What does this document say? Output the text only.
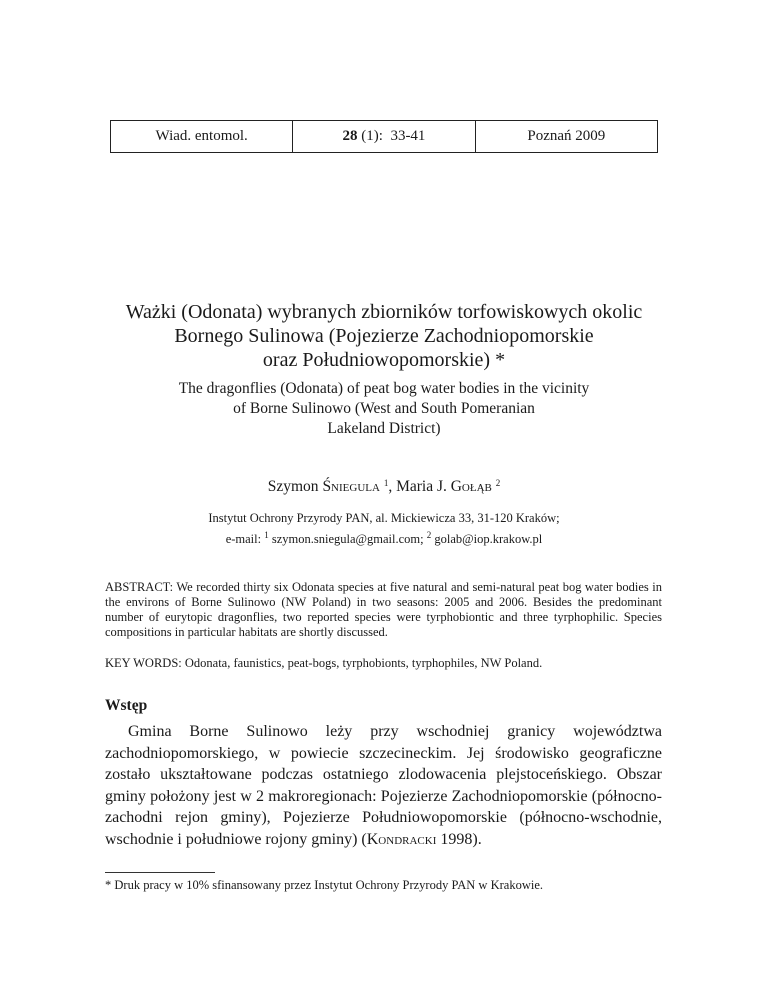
Wiad. entomol.	28 (1):  33-41	Poznań 2009
Ważki (Odonata) wybranych zbiorników torfowiskowych okolic
Bornego Sulinowa (Pojezierze Zachodniopomorskie
oraz Południowopomorskie) *
The dragonflies (Odonata) of peat bog water bodies in the vicinity
of Borne Sulinowo (West and South Pomeranian
Lakeland District)
Szymon Śniegula $^1$, Maria J. Gołąb $^2$
Instytut Ochrony Przyrody PAN, al. Mickiewicza 33, 31-120 Kraków;
e-mail: $^1$ szymon.sniegula@gmail.com; $^2$ golab@iop.krakow.pl
ABSTRACT: We recorded thirty six Odonata species at five natural and semi-natural peat bog water bodies in the environs of Borne Sulinowo (NW Poland) in two seasons: 2005 and 2006. Besides the predominant number of eurytopic dragonflies, two reported species were tyrphobiontic and three tyrphophilic. Species compositions in particular habitats are shortly discussed.
KEY WORDS: Odonata, faunistics, peat-bogs, tyrphobionts, tyrphophiles, NW Poland.
Wstęp

Gmina Borne Sulinowo leży przy wschodniej granicy województwa zachodniopomorskiego, w powiecie szczecineckim. Jej środowisko geograficzne zostało ukształtowane podczas ostatniego zlodowacenia plejstoceńskiego. Obszar gminy położony jest w 2 makroregionach: Pojezierze Zachodniopomorskie (północno-zachodni rejon gminy), Pojezierze Południowopomorskie (północno-wschodnie, wschodnie i południowe rojony gminy) (Kondracki 1998).

* Druk pracy w 10% sfinansowany przez Instytut Ochrony Przyrody PAN w Krakowie.
